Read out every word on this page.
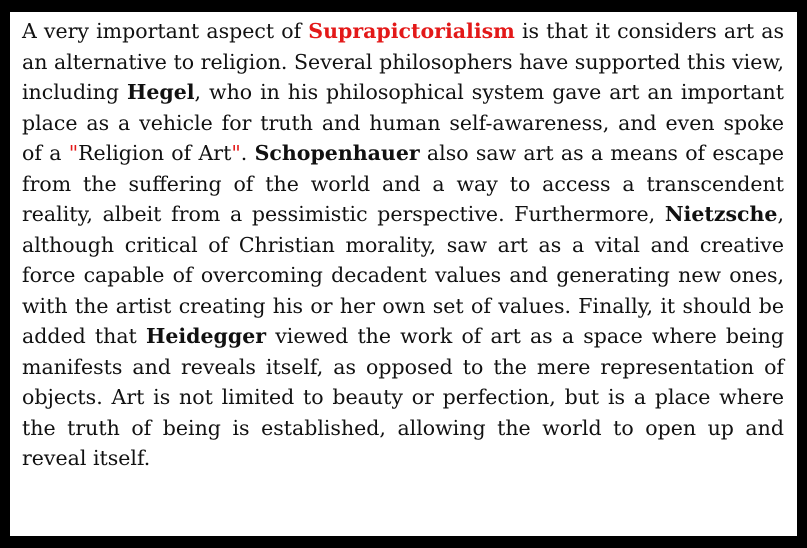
A very important aspect of Suprapictorialism is that it considers art as an alternative to religion. Several philosophers have supported this view, including Hegel, who in his philosophical system gave art an important place as a vehicle for truth and human self-awareness, and even spoke of a "Religion of Art". Schopenhauer also saw art as a means of escape from the suffering of the world and a way to access a transcendent reality, albeit from a pessimistic perspective. Furthermore, Nietzsche, although critical of Christian morality, saw art as a vital and creative force capable of overcoming decadent values and generating new ones, with the artist creating his or her own set of values. Finally, it should be added that Heidegger viewed the work of art as a space where being manifests and reveals itself, as opposed to the mere representation of objects. Art is not limited to beauty or perfection, but is a place where the truth of being is established, allowing the world to open up and reveal itself.
